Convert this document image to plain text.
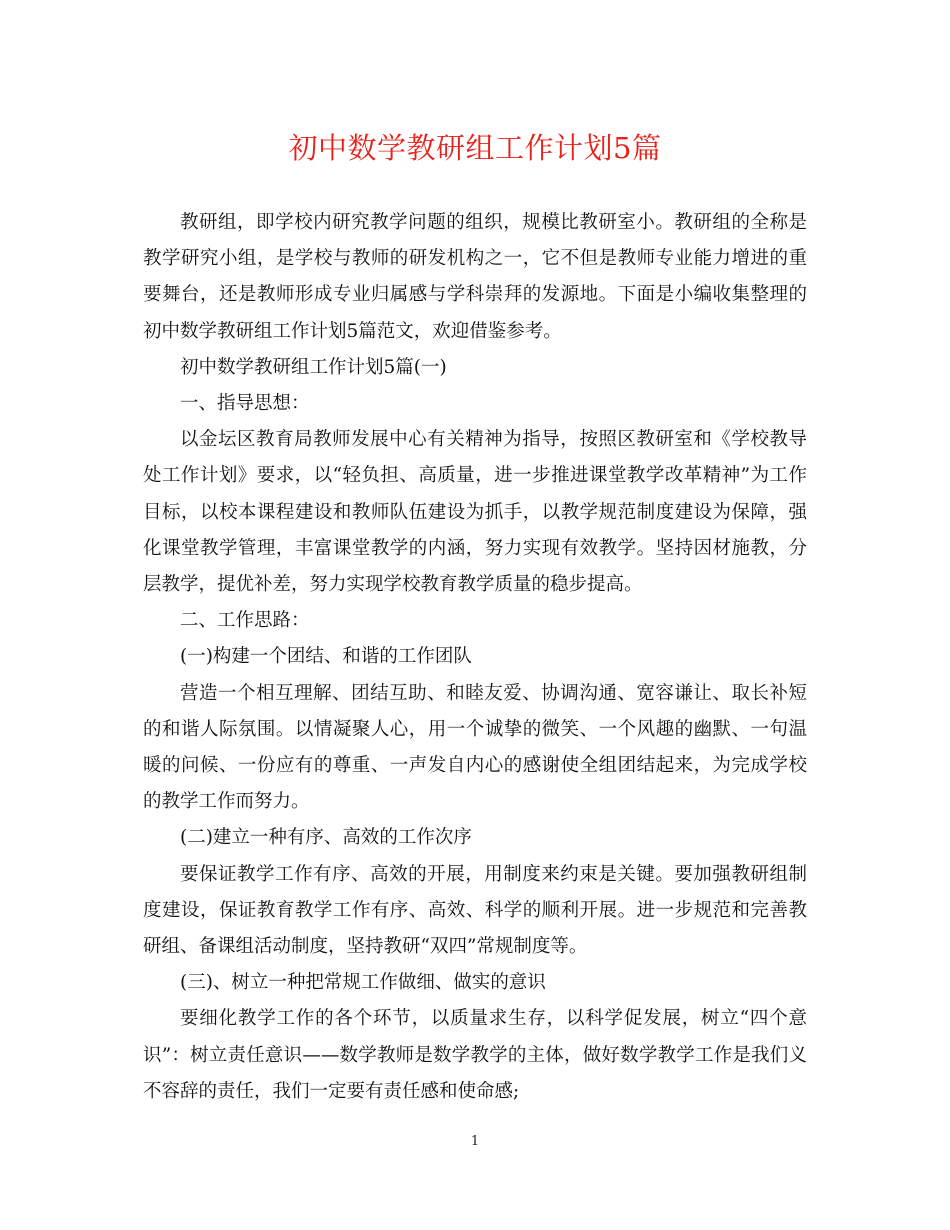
初中数学教研组工作计划5篇

教研组，即学校内研究教学问题的组织，规模比教研室小。教研组的全称是教学研究小组，是学校与教师的研发机构之一，它不但是教师专业能力增进的重要舞台，还是教师形成专业归属感与学科崇拜的发源地。下面是小编收集整理的初中数学教研组工作计划5篇范文，欢迎借鉴参考。

初中数学教研组工作计划5篇(一)

一、指导思想：

以金坛区教育局教师发展中心有关精神为指导，按照区教研室和《学校教导处工作计划》要求，以“轻负担、高质量，进一步推进课堂教学改革精神”为工作目标，以校本课程建设和教师队伍建设为抓手，以教学规范制度建设为保障，强化课堂教学管理，丰富课堂教学的内涵，努力实现有效教学。坚持因材施教，分层教学，提优补差，努力实现学校教育教学质量的稳步提高。

二、工作思路：

(一)构建一个团结、和谐的工作团队

营造一个相互理解、团结互助、和睦友爱、协调沟通、宽容谦让、取长补短的和谐人际氛围。以情凝聚人心，用一个诚挚的微笑、一个风趣的幽默、一句温暖的问候、一份应有的尊重、一声发自内心的感谢使全组团结起来，为完成学校的教学工作而努力。

(二)建立一种有序、高效的工作次序

要保证教学工作有序、高效的开展，用制度来约束是关键。要加强教研组制度建设，保证教育教学工作有序、高效、科学的顺利开展。进一步规范和完善教研组、备课组活动制度，坚持教研“双四”常规制度等。

(三)、树立一种把常规工作做细、做实的意识

要细化教学工作的各个环节，以质量求生存，以科学促发展，树立“四个意识”：树立责任意识——数学教师是数学教学的主体，做好数学教学工作是我们义不容辞的责任，我们一定要有责任感和使命感;

1
